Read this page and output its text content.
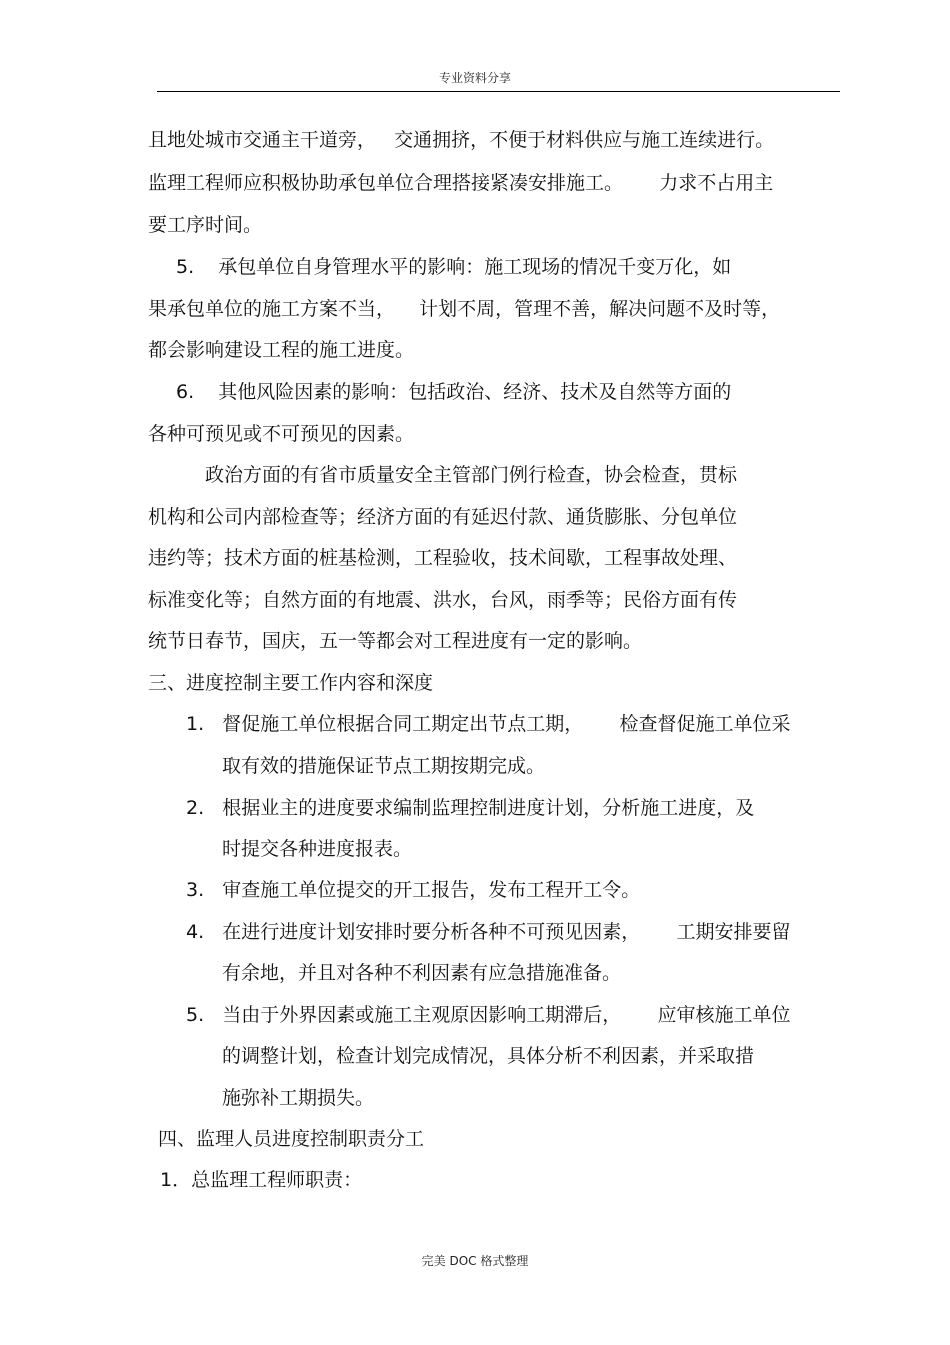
专业资料分享
且地处城市交通主干道旁，   交通拥挤，不便于材料供应与施工连续进行。
监理工程师应积极协助承包单位合理搭接紧凑安排施工。      力求不占用主
要工序时间。
5.    承包单位自身管理水平的影响：施工现场的情况千变万化，如
果承包单位的施工方案不当，    计划不周，管理不善，解决问题不及时等，
都会影响建设工程的施工进度。
6.    其他风险因素的影响：包括政治、经济、技术及自然等方面的
各种可预见或不可预见的因素。
政治方面的有省市质量安全主管部门例行检查，协会检查，贯标
机构和公司内部检查等；经济方面的有延迟付款、通货膨胀、分包单位
违约等；技术方面的桩基检测，工程验收，技术间歇，工程事故处理、
标准变化等；自然方面的有地震、洪水，台风，雨季等；民俗方面有传
统节日春节，国庆，五一等都会对工程进度有一定的影响。
三、进度控制主要工作内容和深度
1.   督促施工单位根据合同工期定出节点工期，      检查督促施工单位采
取有效的措施保证节点工期按期完成。
2.   根据业主的进度要求编制监理控制进度计划，分析施工进度，及
时提交各种进度报表。
3.   审查施工单位提交的开工报告，发布工程开工令。
4.   在进行进度计划安排时要分析各种不可预见因素，      工期安排要留
有余地，并且对各种不利因素有应急措施准备。
5.   当由于外界因素或施工主观原因影响工期滞后，      应审核施工单位
的调整计划，检查计划完成情况，具体分析不利因素，并采取措
施弥补工期损失。
四、监理人员进度控制职责分工
1．总监理工程师职责：
完美 DOC 格式整理
